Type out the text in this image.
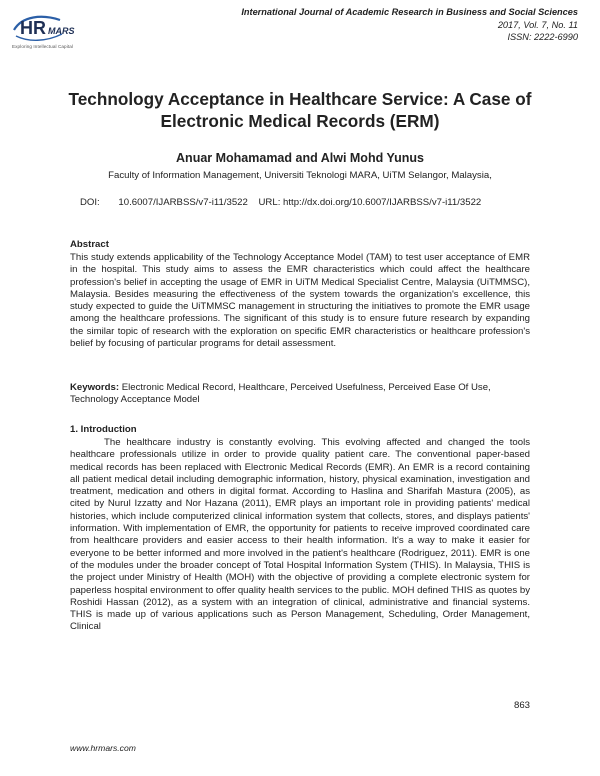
HR MARS
Exploring Intellectual Capital
International Journal of Academic Research in Business and Social Sciences
2017, Vol. 7, No. 11
ISSN: 2222-6990
Technology Acceptance in Healthcare Service: A Case of Electronic Medical Records (ERM)
Anuar Mohamamad and Alwi Mohd Yunus
Faculty of Information Management, Universiti Teknologi MARA, UiTM Selangor, Malaysia,
DOI: 10.6007/IJARBSS/v7-i11/3522 URL: http://dx.doi.org/10.6007/IJARBSS/v7-i11/3522
Abstract
This study extends applicability of the Technology Acceptance Model (TAM) to test user acceptance of EMR in the hospital. This study aims to assess the EMR characteristics which could affect the healthcare profession's belief in accepting the usage of EMR in UiTM Medical Specialist Centre, Malaysia (UiTMMSC), Malaysia. Besides measuring the effectiveness of the system towards the organization's excellence, this study expected to guide the UiTMMSC management in structuring the initiatives to promote the EMR usage among the healthcare professions. The significant of this study is to ensure future research by expanding the similar topic of research with the exploration on specific EMR characteristics or healthcare profession's belief by focusing of particular programs for detail assessment.
Keywords: Electronic Medical Record, Healthcare, Perceived Usefulness, Perceived Ease Of Use, Technology Acceptance Model
1. Introduction
The healthcare industry is constantly evolving. This evolving affected and changed the tools healthcare professionals utilize in order to provide quality patient care. The conventional paper-based medical records has been replaced with Electronic Medical Records (EMR). An EMR is a record containing all patient medical detail including demographic information, history, physical examination, investigation and treatment, medication and others in digital format. According to Haslina and Sharifah Mastura (2005), as cited by Nurul Izzatty and Nor Hazana (2011), EMR plays an important role in providing patients' medical histories, which include computerized clinical information system that collects, stores, and displays patients' information. With implementation of EMR, the opportunity for patients to receive improved coordinated care from healthcare providers and easier access to their health information. It's a way to make it easier for everyone to be better informed and more involved in the patient's healthcare (Rodriguez, 2011). EMR is one of the modules under the broader concept of Total Hospital Information System (THIS). In Malaysia, THIS is the project under Ministry of Health (MOH) with the objective of providing a complete electronic system for paperless hospital environment to offer quality health services to the public. MOH defined THIS as quotes by Roshidi Hassan (2012), as a system with an integration of clinical, administrative and financial systems. THIS is made up of various applications such as Person Management, Scheduling, Order Management, Clinical
863
www.hrmars.com
